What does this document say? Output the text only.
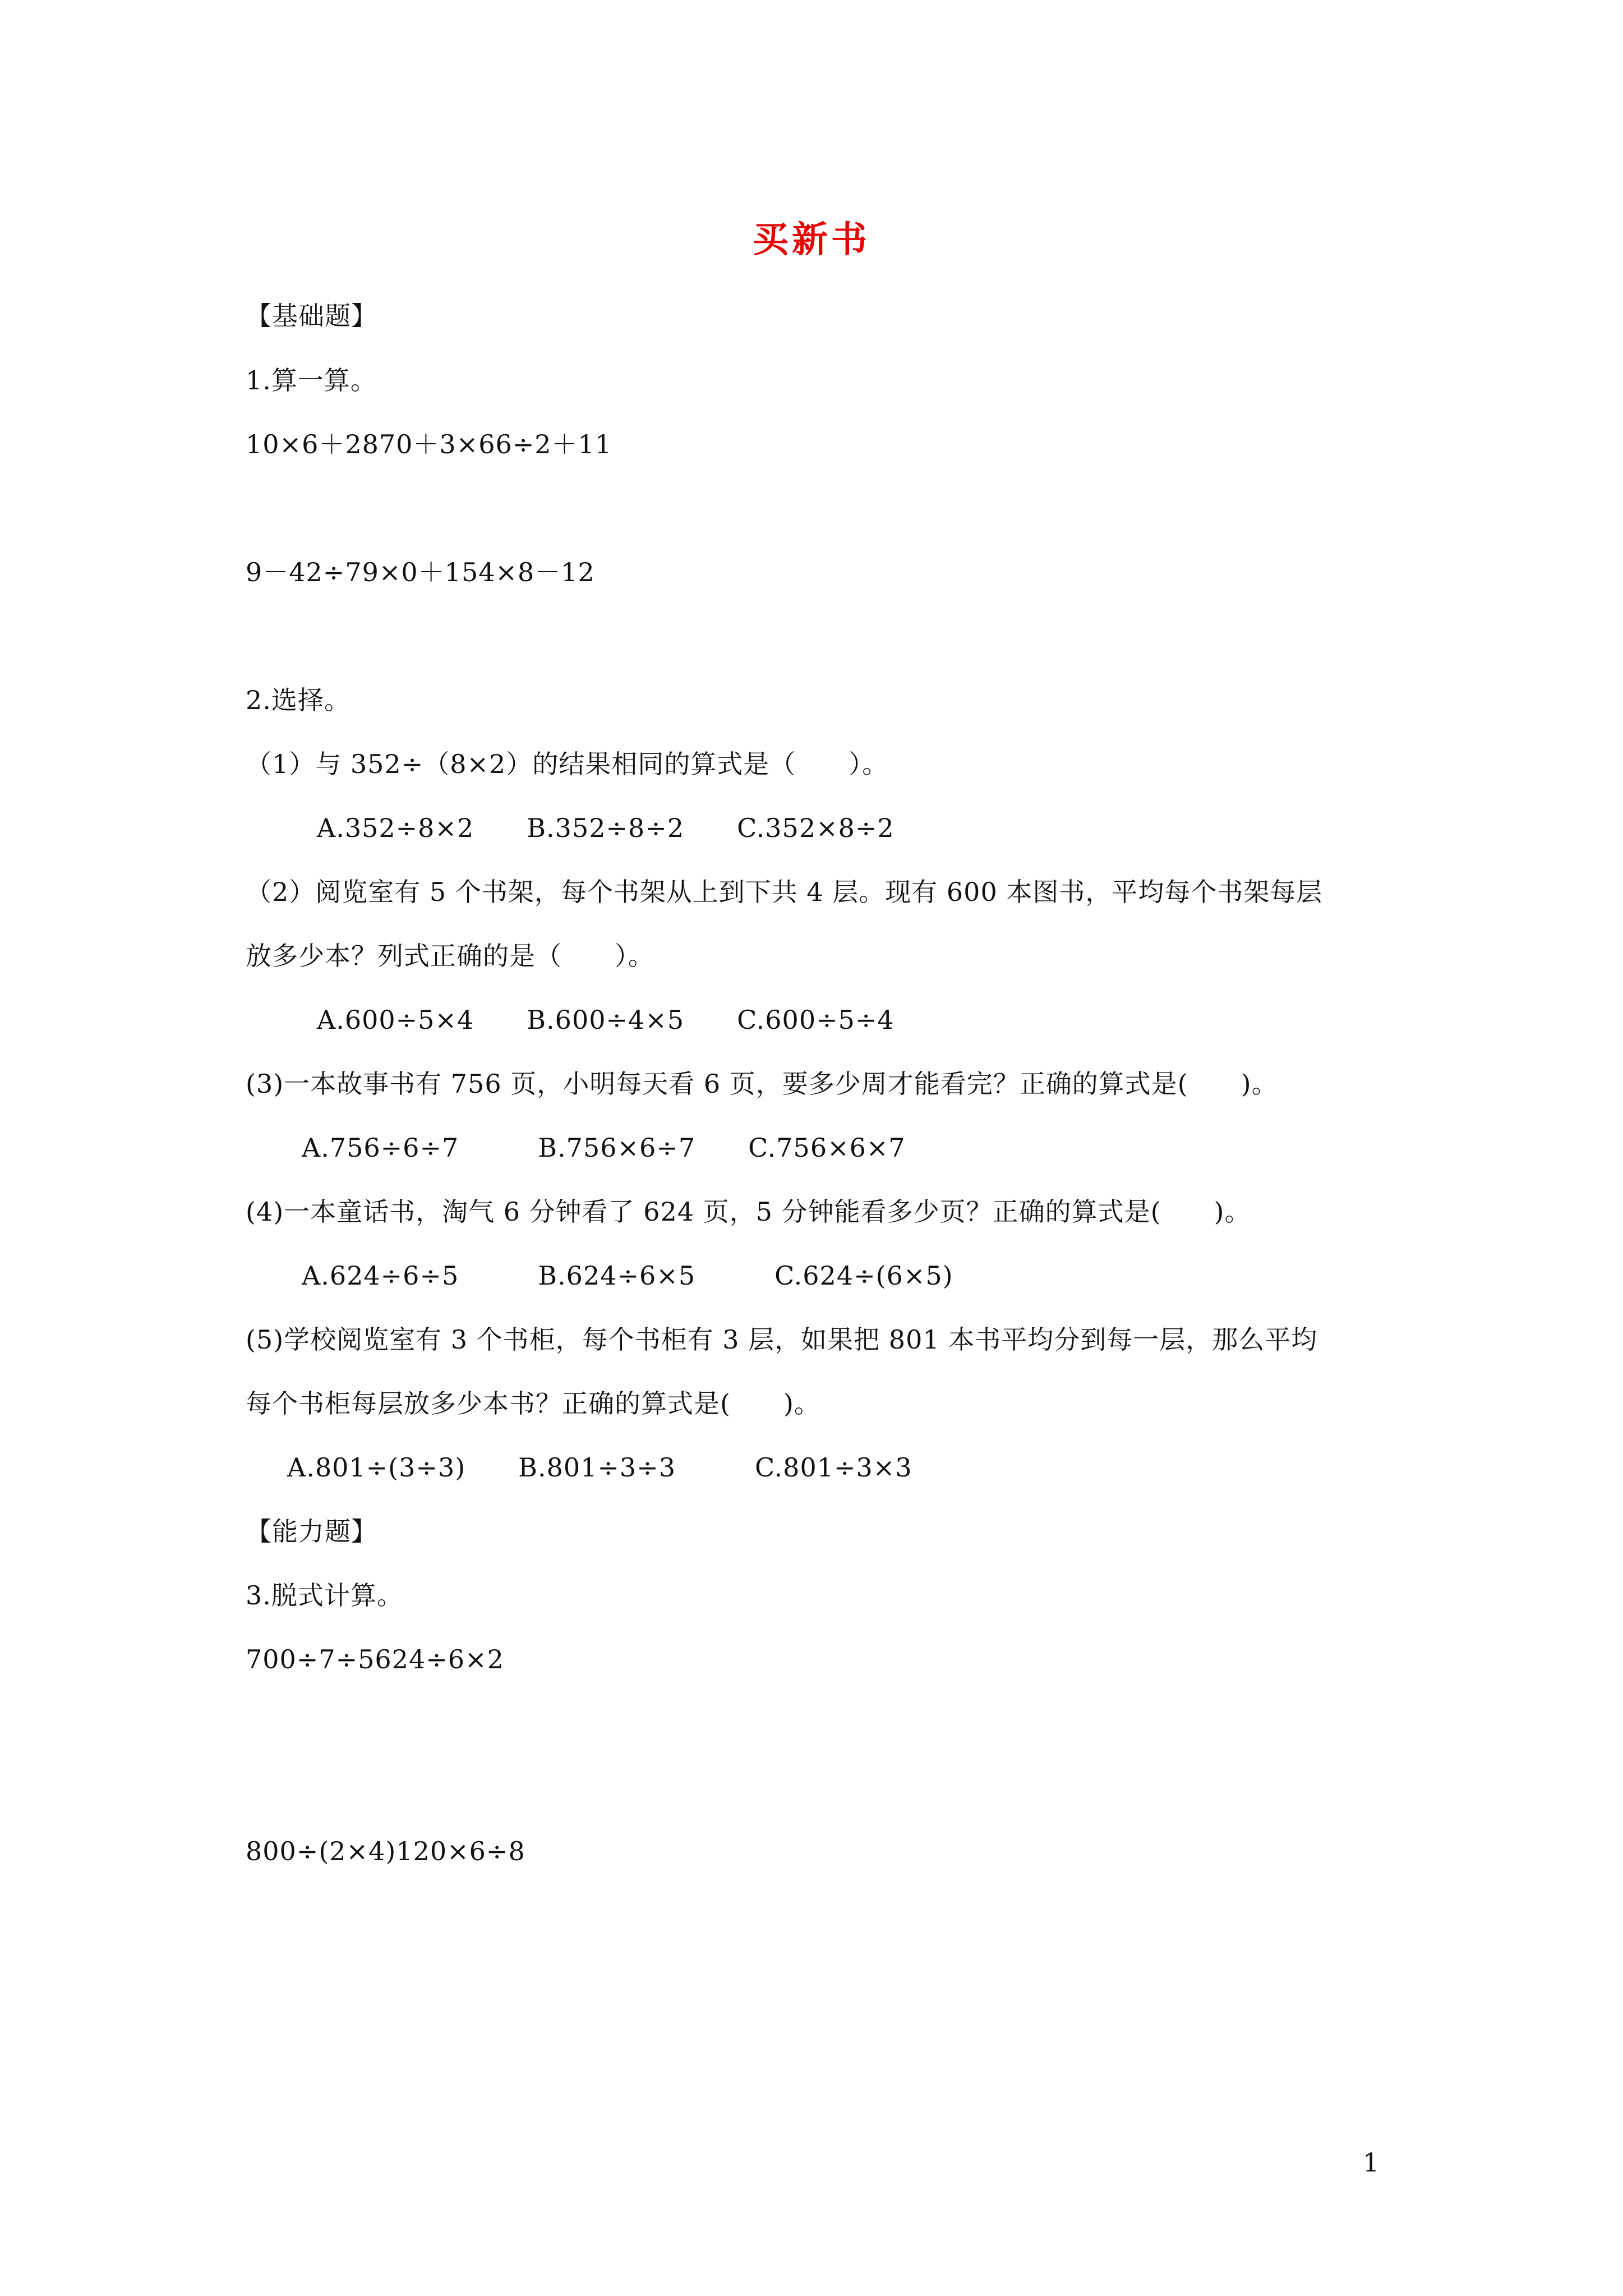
买新书
【基础题】
1.算一算。
10×6＋2870＋3×66÷2＋11
9－42÷79×0＋154×8－12
2.选择。
（1）与 352÷（8×2）的结果相同的算式是（　　）。
A.352÷8×2　　B.352÷8÷2　　C.352×8÷2
（2）阅览室有 5 个书架，每个书架从上到下共 4 层。现有 600 本图书，平均每个书架每层
放多少本？列式正确的是（　　）。
A.600÷5×4　　B.600÷4×5　　C.600÷5÷4
(3)一本故事书有 756 页，小明每天看 6 页，要多少周才能看完？正确的算式是(　　)。
A.756÷6÷7　　　B.756×6÷7　　C.756×6×7
(4)一本童话书，淘气 6 分钟看了 624 页，5 分钟能看多少页？正确的算式是(　　)。
A.624÷6÷5　　　B.624÷6×5　　　C.624÷(6×5)
(5)学校阅览室有 3 个书柜，每个书柜有 3 层，如果把 801 本书平均分到每一层，那么平均
每个书柜每层放多少本书？正确的算式是(　　)。
A.801÷(3÷3)　　B.801÷3÷3　　　C.801÷3×3
【能力题】
3.脱式计算。
700÷7÷5624÷6×2
800÷(2×4)120×6÷8
1
